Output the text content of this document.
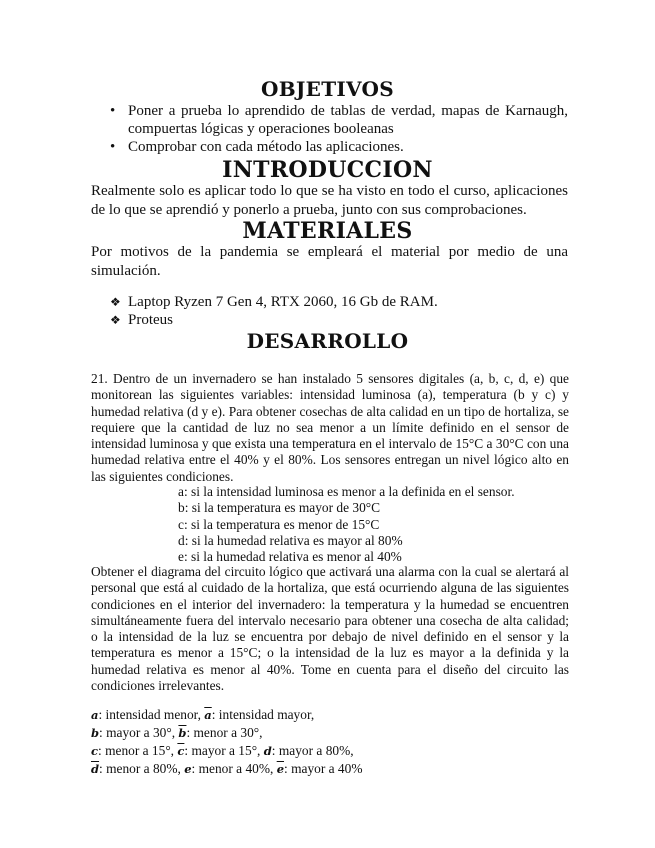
OBJETIVOS
• Poner a prueba lo aprendido de tablas de verdad, mapas de Karnaugh, compuertas lógicas y operaciones booleanas
• Comprobar con cada método las aplicaciones.
INTRODUCCION

Realmente solo es aplicar todo lo que se ha visto en todo el curso, aplicaciones de lo que se aprendió y ponerlo a prueba, junto con sus comprobaciones.

MATERIALES

Por motivos de la pandemia se empleará el material por medio de una simulación.

❖ Laptop Ryzen 7 Gen 4, RTX 2060, 16 Gb de RAM.
❖ Proteus
DESARROLLO

21. Dentro de un invernadero se han instalado 5 sensores digitales (a, b, c, d, e) que monitorean las siguientes variables: intensidad luminosa (a), temperatura (b y c) y humedad relativa (d y e). Para obtener cosechas de alta calidad en un tipo de hortaliza, se requiere que la cantidad de luz no sea menor a un límite definido en el sensor de intensidad luminosa y que exista una temperatura en el intervalo de 15°C a 30°C con una humedad relativa entre el 40% y el 80%. Los sensores entregan un nivel lógico alto en las siguientes condiciones.

a: si la intensidad luminosa es menor a la definida en el sensor.
b: si la temperatura es mayor de 30°C
c: si la temperatura es menor de 15°C
d: si la humedad relativa es mayor al 80%
e: si la humedad relativa es menor al 40%

Obtener el diagrama del circuito lógico que activará una alarma con la cual se alertará al personal que está al cuidado de la hortaliza, que está ocurriendo alguna de las siguientes condiciones en el interior del invernadero: la temperatura y la humedad se encuentren simultáneamente fuera del intervalo necesario para obtener una cosecha de alta calidad; o la intensidad de la luz se encuentra por debajo de nivel definido en el sensor y la temperatura es menor a 15°C; o la intensidad de la luz es mayor a la definida y la humedad relativa es menor al 40%. Tome en cuenta para el diseño del circuito las condiciones irrelevantes.

a: intensidad menor, $\overline{a}$: intensidad mayor,
b: mayor a 30°, $\overline{b}$: menor a 30°,
c: menor a 15°, $\overline{c}$: mayor a 15°, d: mayor a 80%,
$\overline{d}$: menor a 80%, e: menor a 40%, $\overline{e}$: mayor a 40%
